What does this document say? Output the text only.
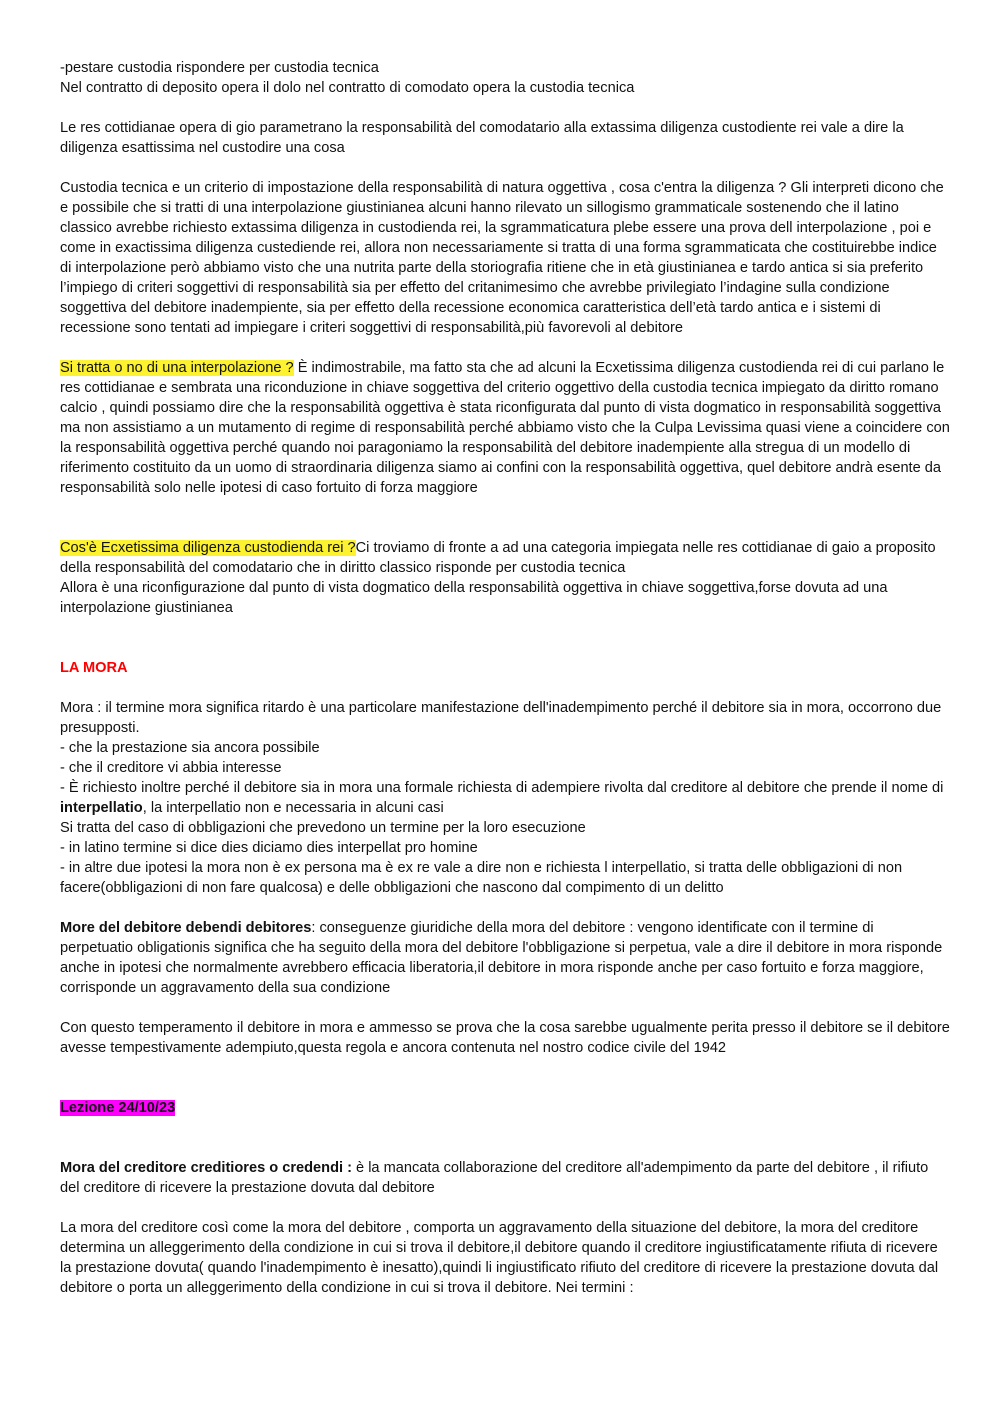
-pestare custodia rispondere per custodia tecnica

Nel contratto di deposito opera il dolo nel contratto di comodato opera la custodia tecnica

Le res cottidianae opera di gio parametrano la responsabilità del comodatario alla extassima diligenza custodiente rei vale a dire la diligenza esattissima nel custodire una cosa

Custodia tecnica e un criterio di impostazione della responsabilità di natura oggettiva , cosa c'entra la diligenza ? Gli interpreti dicono che e possibile che si tratti di una interpolazione giustinianea alcuni hanno rilevato un sillogismo grammaticale sostenendo che il latino classico avrebbe richiesto extassima diligenza in custodienda rei, la sgrammaticatura plebe essere una prova dell interpolazione , poi e come in exactissima diligenza custediende rei, allora non necessariamente si tratta di una forma sgrammaticata che costituirebbe indice di interpolazione però abbiamo visto che una nutrita parte della storiografia ritiene che in età giustinianea e tardo antica si sia preferito l’impiego di criteri soggettivi di responsabilità sia per effetto del critanimesimo che avrebbe privilegiato l’indagine sulla condizione soggettiva del debitore inadempiente, sia per effetto della recessione economica caratteristica dell’età tardo antica e i sistemi di recessione sono tentati ad impiegare i criteri soggettivi di responsabilità,più favorevoli al debitore

Si tratta o no di una interpolazione ? È indimostrabile, ma fatto sta che ad alcuni la Ecxetissima diligenza custodienda rei di cui parlano le res cottidianae e sembrata una riconduzione in chiave soggettiva del criterio oggettivo della custodia tecnica impiegato da diritto romano calcio , quindi possiamo dire che la responsabilità oggettiva è stata riconfigurata dal punto di vista dogmatico in responsabilità soggettiva ma non assistiamo a un mutamento di regime di responsabilità perché abbiamo visto che la Culpa Levissima quasi viene a coincidere con la responsabilità oggettiva perché quando noi paragoniamo la responsabilità del debitore inadempiente alla stregua di un modello di riferimento costituito da un uomo di straordinaria diligenza siamo ai confini con la responsabilità oggettiva, quel debitore andrà esente da responsabilità solo nelle ipotesi di caso fortuito di forza maggiore

Cos'è Ecxetissima diligenza custodienda rei ?Ci troviamo di fronte a ad una categoria impiegata nelle res cottidianae di gaio a proposito della responsabilità del comodatario che in diritto classico risponde per custodia tecnica

Allora è una riconfigurazione dal punto di vista dogmatico della responsabilità oggettiva in chiave soggettiva,forse dovuta ad una interpolazione giustinianea

LA MORA

Mora : il termine mora significa ritardo è una particolare manifestazione dell'inadempimento perché il debitore sia in mora, occorrono due presupposti.

- che la prestazione sia ancora possibile

- che il creditore vi abbia interesse

- È richiesto inoltre perché il debitore sia in mora una formale richiesta di adempiere rivolta dal creditore al debitore che prende il nome di interpellatio, la interpellatio non e necessaria in alcuni casi

Si tratta del caso di obbligazioni che prevedono un termine per la loro esecuzione

- in latino termine si dice dies diciamo dies interpellat pro homine

- in altre due ipotesi la mora non è ex persona ma è ex re vale a dire non e richiesta l interpellatio, si tratta delle obbligazioni di non facere(obbligazioni di non fare qualcosa) e delle obbligazioni che nascono dal compimento di un delitto

More del debitore debendi debitores: conseguenze giuridiche della mora del debitore : vengono identificate con il termine di perpetuatio obligationis significa che ha seguito della mora del debitore l'obbligazione si perpetua, vale a dire il debitore in mora risponde anche in ipotesi che normalmente avrebbero efficacia liberatoria,il debitore in mora risponde anche per caso fortuito e forza maggiore, corrisponde un aggravamento della sua condizione

Con questo temperamento il debitore in mora e ammesso se prova che la cosa sarebbe ugualmente perita presso il debitore se il debitore avesse tempestivamente adempiuto,questa regola e ancora contenuta nel nostro codice civile del 1942

Lezione 24/10/23

Mora del creditore creditiores o credendi : è la mancata collaborazione del creditore all'adempimento da parte del debitore , il rifiuto del creditore di ricevere la prestazione dovuta dal debitore

La mora del creditore così come la mora del debitore , comporta un aggravamento della situazione del debitore, la mora del creditore determina un alleggerimento della condizione in cui si trova il debitore,il debitore quando il creditore ingiustificatamente rifiuta di ricevere la prestazione dovuta( quando l'inadempimento è inesatto),quindi li ingiustificato rifiuto del creditore di ricevere la prestazione dovuta dal debitore o porta un alleggerimento della condizione in cui si trova il debitore. Nei termini :
